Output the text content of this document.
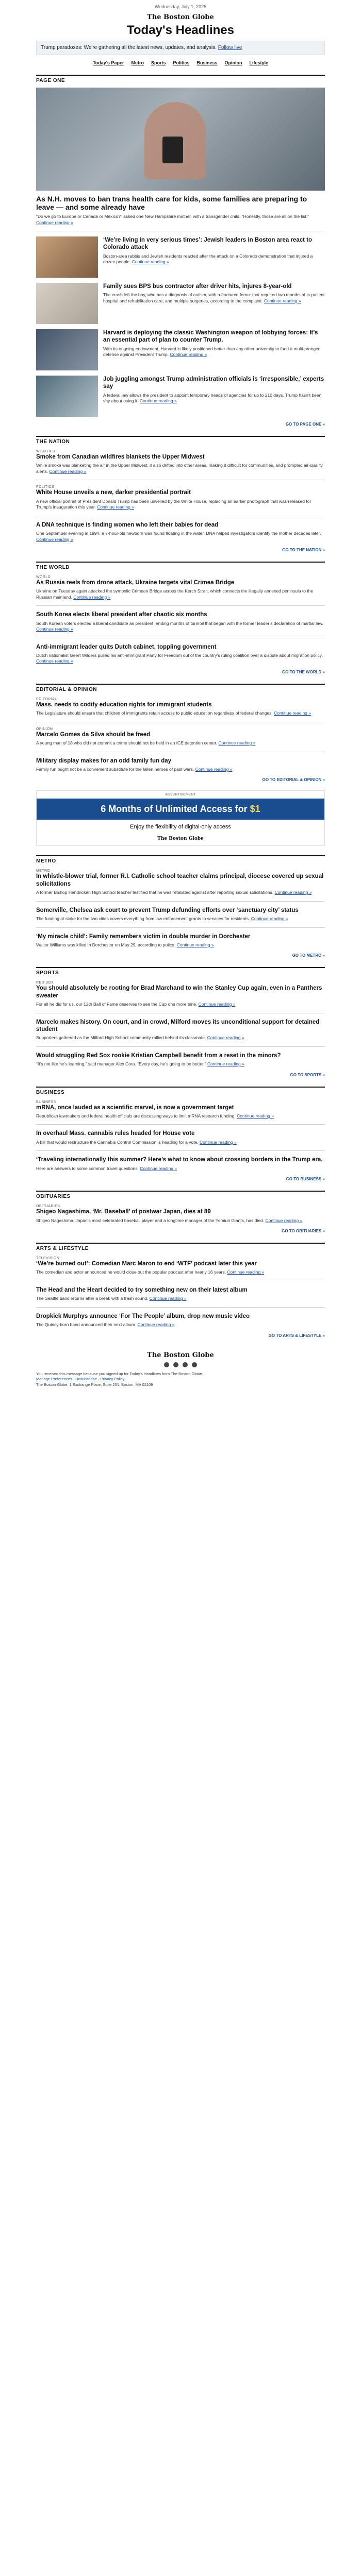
Wednesday, July 1, 2025
The Boston Globe
Today's Headlines
Trump paradoxes: We're gathering all the latest news, updates, and analysis. Follow live
Today's Paper Metro Sports Politics Business Opinion Lifestyle
PAGE ONE
As N.H. moves to ban trans health care for kids, some families are preparing to leave — and some already have
“Do we go to Europe or Canada or Mexico?” asked one New Hampshire mother, with a transgender child. “Honestly, those are all on the list.” Continue reading »
‘We’re living in very serious times’: Jewish leaders in Boston area react to Colorado attack
Boston-area rabbis and Jewish residents reacted after the attack on a Colorado demonstration that injured a dozen people. Continue reading »
Family sues BPS bus contractor after driver hits, injures 8-year-old
The crash left the boy, who has a diagnosis of autism, with a fractured femur that required two months of in-patient hospital and rehabilitation care, and multiple surgeries, according to the complaint. Continue reading »
Harvard is deploying the classic Washington weapon of lobbying forces: It’s an essential part of plan to counter Trump.
With its ongoing endowment, Harvard is likely positioned better than any other university to fund a multi-pronged defense against President Trump. Continue reading »
Job juggling amongst Trump administration officials is ‘irresponsible,’ experts say
A federal law allows the president to appoint temporary heads of agencies for up to 210 days. Trump hasn’t been shy about using it. Continue reading »
GO TO PAGE ONE »
THE NATION
WEATHER
Smoke from Canadian wildfires blankets the Upper Midwest
While smoke was blanketing the air in the Upper Midwest, it also drifted into other areas, making it difficult for communities, and prompted air-quality alerts. Continue reading »
POLITICS
White House unveils a new, darker presidential portrait
A new official portrait of President Donald Trump has been unveiled by the White House, replacing an earlier photograph that was released for Trump’s inauguration this year. Continue reading »
A DNA technique is finding women who left their babies for dead
One September evening in 1994, a 7-hour-old newborn was found floating in the water. DNA helped investigators identify the mother decades later. Continue reading »
GO TO THE NATION »
THE WORLD
WORLD
As Russia reels from drone attack, Ukraine targets vital Crimea Bridge
Ukraine on Tuesday again attacked the symbolic Crimean Bridge across the Kerch Strait, which connects the illegally annexed peninsula to the Russian mainland. Continue reading »
South Korea elects liberal president after chaotic six months
South Korean voters elected a liberal candidate as president, ending months of turmoil that began with the former leader’s declaration of martial law. Continue reading »
Anti-immigrant leader quits Dutch cabinet, toppling government
Dutch nationalist Geert Wilders pulled his anti-immigrant Party for Freedom out of the country’s ruling coalition over a dispute about migration policy. Continue reading »
GO TO THE WORLD »
EDITORIAL & OPINION
EDITORIAL
Mass. needs to codify education rights for immigrant students
The Legislature should ensure that children of immigrants retain access to public education regardless of federal changes. Continue reading »
OPINION
Marcelo Gomes da Silva should be freed
A young man of 18 who did not commit a crime should not be held in an ICE detention center. Continue reading »
Military display makes for an odd family fun day
Family fun ought not be a convenient substitute for the fallen heroes of past wars. Continue reading »
GO TO EDITORIAL & OPINION »
ADVERTISEMENT
6 Months of Unlimited Access for $1
Enjoy the flexibility of digital-only access
The Boston Globe
METRO
METRO
In whistle-blower trial, former R.I. Catholic school teacher claims principal, diocese covered up sexual solicitations
A former Bishop Hendricken High School teacher testified that he was retaliated against after reporting sexual solicitations. Continue reading »
Somerville, Chelsea ask court to prevent Trump defunding efforts over ‘sanctuary city’ status
The funding at stake for the two cities covers everything from law enforcement grants to services for residents. Continue reading »
‘My miracle child’: Family remembers victim in double murder in Dorchester
Walter Williams was killed in Dorchester on May 29, according to police. Continue reading »
GO TO METRO »
SPORTS
RED SOX
You should absolutely be rooting for Brad Marchand to win the Stanley Cup again, even in a Panthers sweater
For all he did for us, our 12th Ball of Fame deserves to see the Cup one more time. Continue reading »
Marcelo makes history. On court, and in crowd, Milford moves its unconditional support for detained student
Supporters gathered as the Milford High School community rallied behind its classmate. Continue reading »
Would struggling Red Sox rookie Kristian Campbell benefit from a reset in the minors?
“It’s not like he’s learning,” said manager Alex Cora. “Every day, he’s going to be better.” Continue reading »
GO TO SPORTS »
BUSINESS
BUSINESS
mRNA, once lauded as a scientific marvel, is now a government target
Republican lawmakers and federal health officials are discussing ways to limit mRNA research funding. Continue reading »
In overhaul Mass. cannabis rules headed for House vote
A bill that would restructure the Cannabis Control Commission is heading for a vote. Continue reading »
‘Traveling internationally this summer? Here’s what to know about crossing borders in the Trump era.
Here are answers to some common travel questions. Continue reading »
GO TO BUSINESS »
OBITUARIES
OBITUARIES
Shigeo Nagashima, ‘Mr. Baseball’ of postwar Japan, dies at 89
Shigeo Nagashima, Japan’s most celebrated baseball player and a longtime manager of the Yomiuri Giants, has died. Continue reading »
GO TO OBITUARIES »
ARTS & LIFESTYLE
TELEVISION
‘We’re burned out’: Comedian Marc Maron to end ‘WTF’ podcast later this year
The comedian and actor announced he would close out the popular podcast after nearly 16 years. Continue reading »
The Head and the Heart decided to try something new on their latest album
The Seattle band returns after a break with a fresh sound. Continue reading »
Dropkick Murphys announce ‘For The People’ album, drop new music video
The Quincy-born band announced their next album. Continue reading »
GO TO ARTS & LIFESTYLE »
The Boston Globe
You received this message because you signed up for Today's Headlines from The Boston Globe.
Manage Preferences · Unsubscribe · Privacy Policy
The Boston Globe, 1 Exchange Place, Suite 201, Boston, MA 02109
